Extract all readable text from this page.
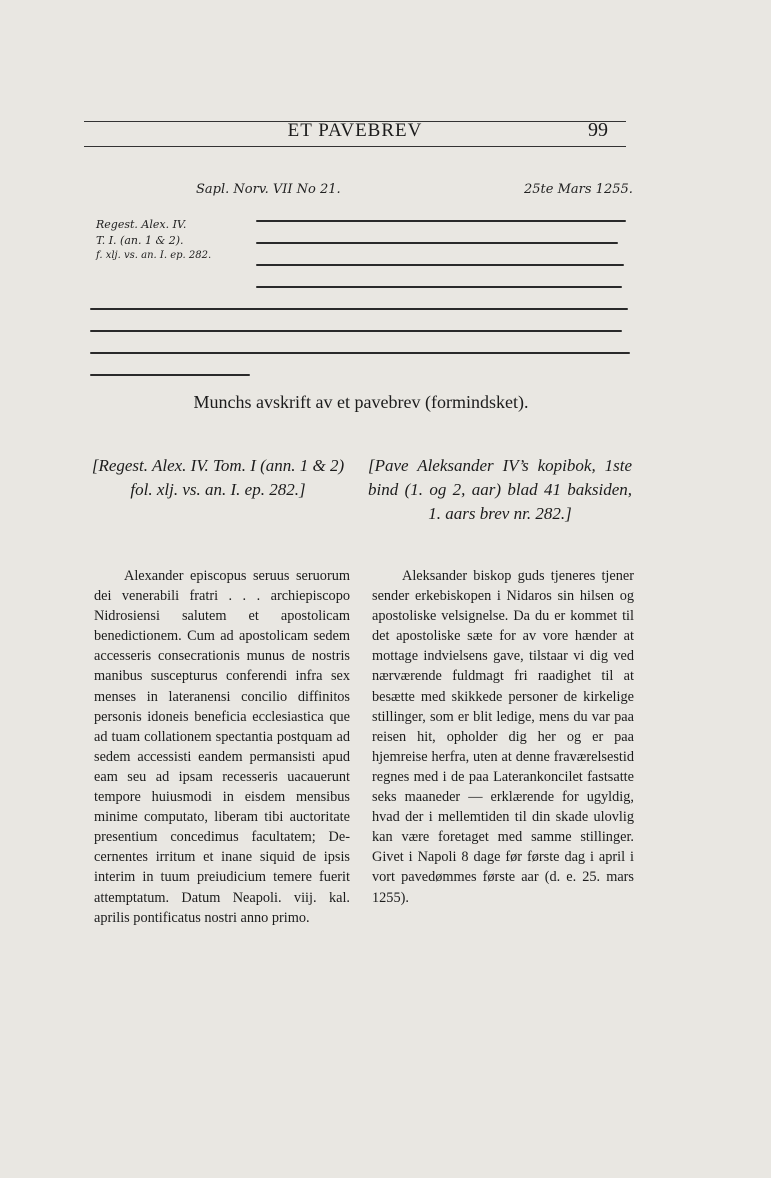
ET PAVEBREV	99
Sapl. Norv. VII No 21.	25te Mars 1255.
Regest. Alex. IV.
T. I. (an. 1 & 2).
f. xlj. vs. an. I. ep. 282.
Munchs avskrift av et pavebrev (formindsket).
[Regest. Alex. IV. Tom. I (ann. 1 & 2) fol. xlj. vs. an. I. ep. 282.]
[Pave Aleksander IV’s kopibok, 1ste bind (1. og 2, aar) blad 41 baksiden, 1. aars brev nr. 282.]

Alexander episcopus seruus seruorum dei venerabili fratri . . . archiepiscopo Nidrosiensi salutem et apostolicam benedictionem. Cum ad apostolicam sedem accesseris consecrationis munus de nostris manibus suscepturus conferendi infra sex menses in lateranensi concilio diffinitos personis idoneis beneficia ecclesiastica que ad tuam collationem spectantia postquam ad sedem accessisti eandem permansisti apud eam seu ad ipsam recesseris uacauerunt tempore huiusmodi in eisdem mensibus minime computato, liberam tibi auctoritate presentium concedimus facultatem; Decernentes irritum et inane siquid de ipsis interim in tuum preiudicium temere fuerit attemptatum. Datum Neapoli. viij. kal. aprilis pontificatus nostri anno primo.

Aleksander biskop guds tjeneres tjener sender erkebiskopen i Nidaros sin hilsen og apostoliske velsignelse. Da du er kommet til det apostoliske sæte for av vore hænder at mottage indvielsens gave, tilstaar vi dig ved nærværende fuldmagt fri raadighet til at besætte med skikkede personer de kirkelige stillinger, som er blit ledige, mens du var paa reisen hit, opholder dig her og er paa hjemreise herfra, uten at denne fraværelsestid regnes med i de paa Laterankoncilet fastsatte seks maaneder — erklærende for ugyldig, hvad der i mellemtiden til din skade ulovlig kan være foretaget med samme stillinger. Givet i Napoli 8 dage før første dag i april i vort pavedømmes første aar (d. e. 25. mars 1255).
